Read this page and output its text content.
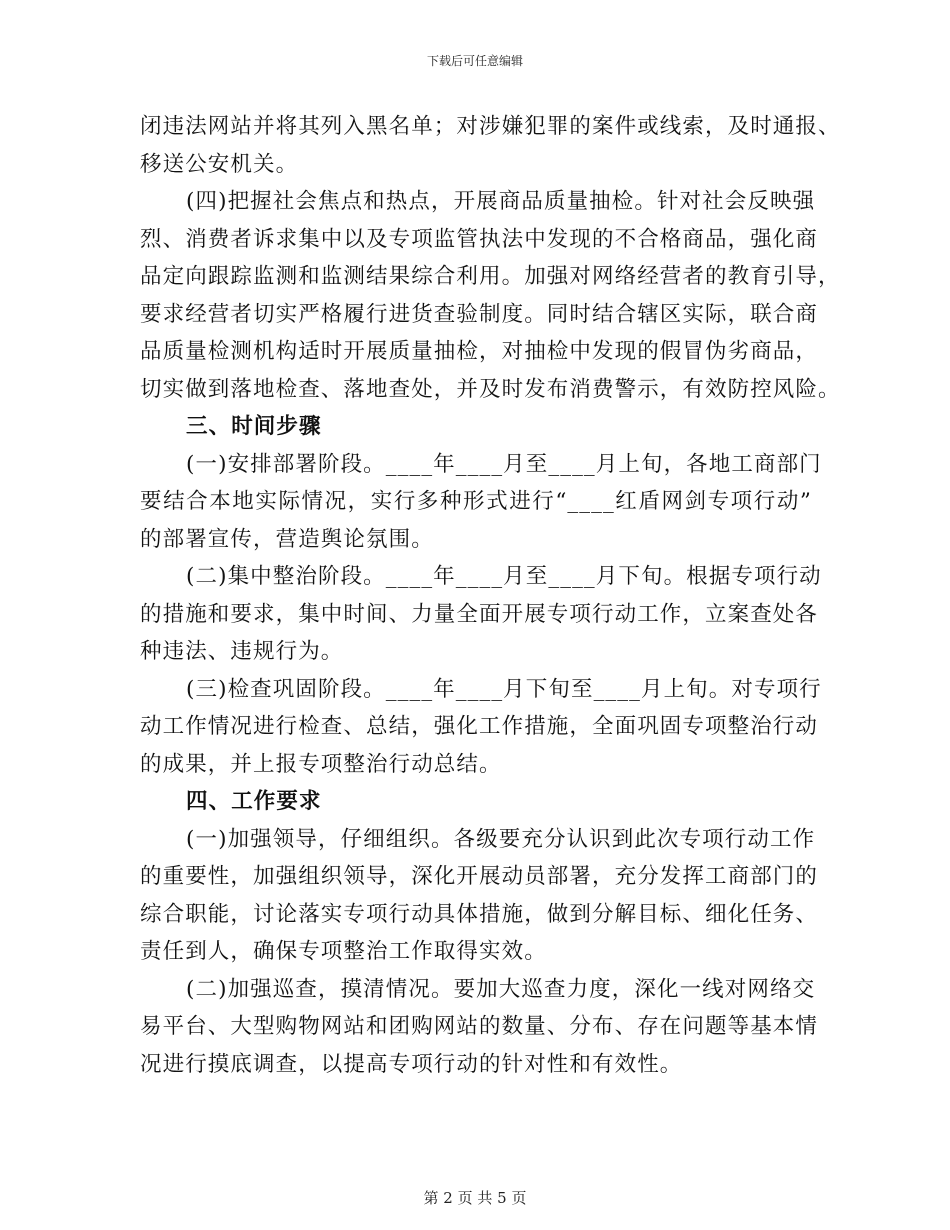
下载后可任意编辑
闭违法网站并将其列入黑名单；对涉嫌犯罪的案件或线索，及时通报、
移送公安机关。
(四)把握社会焦点和热点，开展商品质量抽检。针对社会反映强
烈、消费者诉求集中以及专项监管执法中发现的不合格商品，强化商
品定向跟踪监测和监测结果综合利用。加强对网络经营者的教育引导，
要求经营者切实严格履行进货查验制度。同时结合辖区实际，联合商
品质量检测机构适时开展质量抽检，对抽检中发现的假冒伪劣商品，
切实做到落地检查、落地查处，并及时发布消费警示，有效防控风险。
三、时间步骤
(一)安排部署阶段。____年____月至____月上旬，各地工商部门
要结合本地实际情况，实行多种形式进行“____红盾网剑专项行动”
的部署宣传，营造舆论氛围。
(二)集中整治阶段。____年____月至____月下旬。根据专项行动
的措施和要求，集中时间、力量全面开展专项行动工作，立案查处各
种违法、违规行为。
(三)检查巩固阶段。____年____月下旬至____月上旬。对专项行
动工作情况进行检查、总结，强化工作措施，全面巩固专项整治行动
的成果，并上报专项整治行动总结。
四、工作要求
(一)加强领导，仔细组织。各级要充分认识到此次专项行动工作
的重要性，加强组织领导，深化开展动员部署，充分发挥工商部门的
综合职能，讨论落实专项行动具体措施，做到分解目标、细化任务、
责任到人，确保专项整治工作取得实效。
(二)加强巡查，摸清情况。要加大巡查力度，深化一线对网络交
易平台、大型购物网站和团购网站的数量、分布、存在问题等基本情
况进行摸底调查，以提高专项行动的针对性和有效性。
第 2 页 共 5 页
